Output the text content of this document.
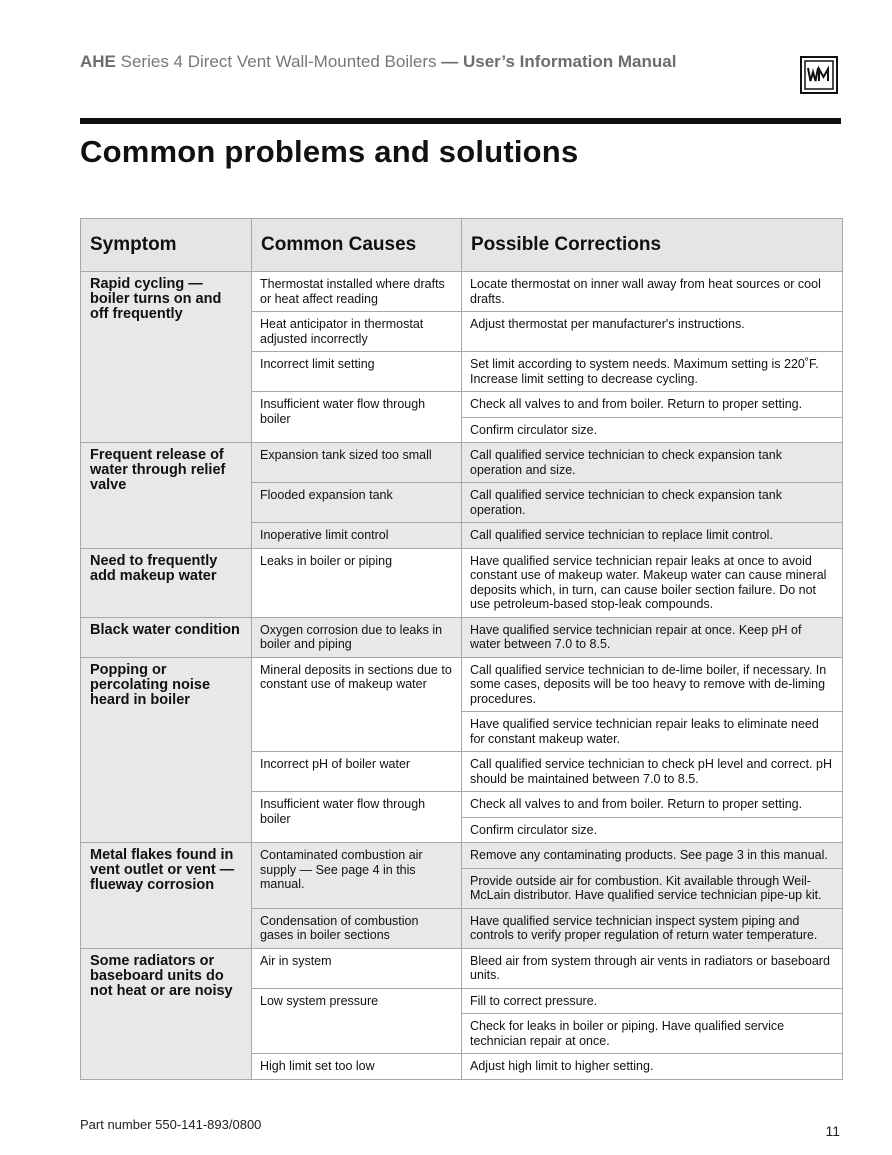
AHE Series 4 Direct Vent Wall-Mounted Boilers — User’s Information Manual
Common problems and solutions
Symptom	Common Causes	Possible Corrections
Rapid cycling — boiler turns on and off frequently	Thermostat installed where drafts or heat affect reading	Locate thermostat on inner wall away from heat sources or cool drafts.
	Heat anticipator in thermostat adjusted incorrectly	Adjust thermostat per manufacturer's instructions.
	Incorrect limit setting	Set limit according to system needs. Maximum setting is 220˚F. Increase limit setting to decrease cycling.
	Insufficient water flow through boiler	Check all valves to and from boiler. Return to proper setting.
		Confirm circulator size.
Frequent release of water through relief valve	Expansion tank sized too small	Call qualified service technician to check expansion tank operation and size.
	Flooded expansion tank	Call qualified service technician to check expansion tank operation.
	Inoperative limit control	Call qualified service technician to replace limit control.
Need to frequently add makeup water	Leaks in boiler or piping	Have qualified service technician repair leaks at once to avoid constant use of makeup water. Makeup water can cause mineral deposits which, in turn, can cause boiler section failure. Do not use petroleum-based stop-leak compounds.
Black water condition	Oxygen corrosion due to leaks in boiler and piping	Have qualified service technician repair at once. Keep pH of water between 7.0 to 8.5.
Popping or percolating noise heard in boiler	Mineral deposits in sections due to constant use of makeup water	Call qualified service technician to de-lime boiler, if necessary. In some cases, deposits will be too heavy to remove with de-liming procedures.
		Have qualified service technician repair leaks to eliminate need for constant makeup water.
	Incorrect pH of boiler water	Call qualified service technician to check pH level and correct. pH should be maintained between 7.0 to 8.5.
	Insufficient water flow through boiler	Check all valves to and from boiler. Return to proper setting.
		Confirm circulator size.
Metal flakes found in vent outlet or vent — flueway corrosion	Contaminated combustion air supply — See page 4 in this manual.	Remove any contaminating products. See page 3 in this manual.
		Provide outside air for combustion. Kit available through Weil-McLain distributor. Have qualified service technician pipe-up kit.
	Condensation of combustion gases in boiler sections	Have qualified service technician inspect system piping and controls to verify proper regulation of return water temperature.
Some radiators or baseboard units do not heat or are noisy	Air in system	Bleed air from system through air vents in radiators or baseboard units.
	Low system pressure	Fill to correct pressure.
		Check for leaks in boiler or piping. Have qualified service technician repair at once.
	High limit set too low	Adjust high limit to higher setting.
Part number 550-141-893/0800	11
